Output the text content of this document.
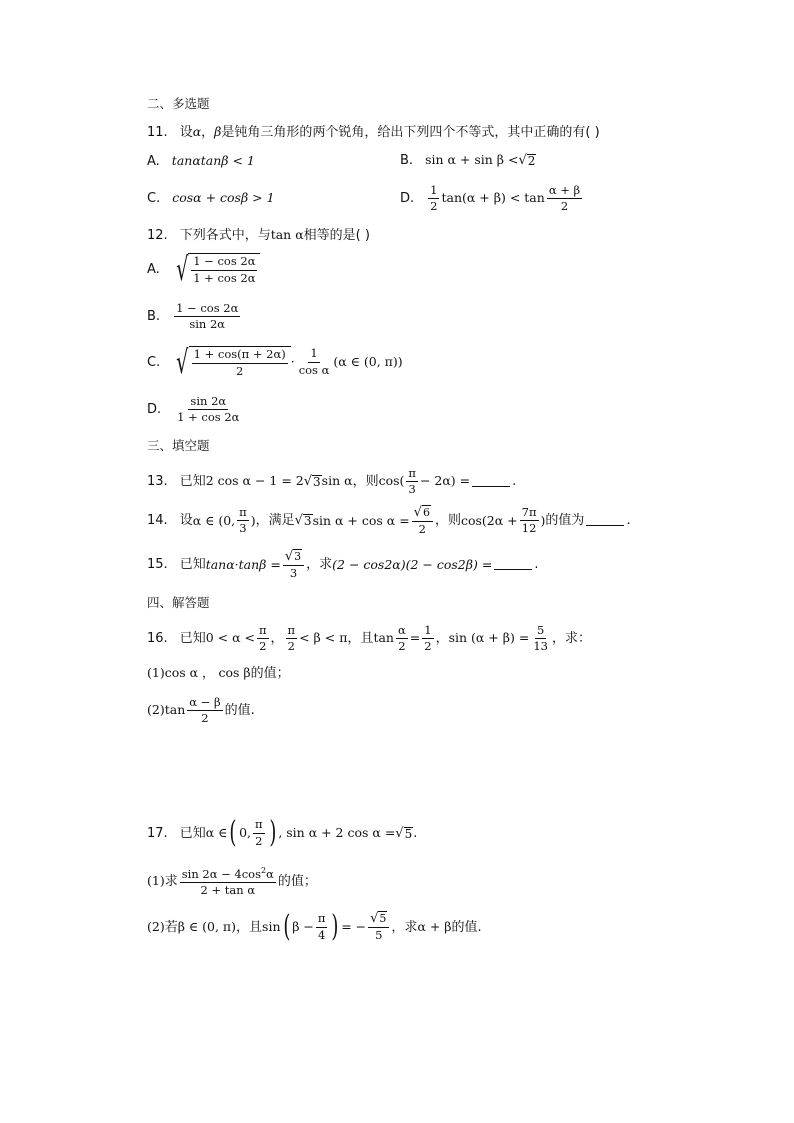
二、多选题
11. 设 α ， β 是钝角三角形的两个锐角，给出下列四个不等式，其中正确的有( )
A. tanαtanβ < 1	B. sin α + sin β < √ 2
C. cosα + cosβ > 1	D.
1
2
tan(α + β) < tan
α + β
2
12. 下列各式中，与 tan α 相等的是( )
A. √ 1 − cos 2α
1 + cos 2α
B.
1 − cos 2α
sin 2α
C. √ 1 + cos(π + 2α)
2
·
1
cos α
(α ∈ (0, π))
D.
sin 2α
1 + cos 2α
三、填空题
13. 已知 2 cos α − 1 = 2 √ 3 sin α ，则 cos(
π
3
− 2α) =	.
14. 设 α ∈ (0,
π
3
) ，满足 √ 3 $\sin \alpha + \cos \alpha = \frac{√6}{2}$ ，则 $\cos(2\alpha + \frac{7\pi}{12}$ ) 的值为	.
15. 已知 $\tan\alpha\cdot\tan\beta = \frac{√3}{3}$ ，求 (2 − cos2α)(2 − cos2β) =	.
四、解答题
16. 已知 0 < α <
π
2 ，
π
2
< β < π ，且 $\tan \frac{\alpha}{2} = \frac{1}{2}$ ， $\sin (\alpha + \beta) = \frac{5}{13}$ ，求：
(1) cos α ， cos β 的值；
(2) tan
α − β
2 的值.
17. 已知 α ∈ ( 0,
π
2 ) , sin α + 2 cos α = √ 5 .
(1) 求
$\sin 2\alpha - 4\cos^2\alpha$
2 + tan α
的值；
(2) 若 β ∈ (0, π) ，且 sin ( $\beta - \frac{\pi}{4}$ ) = − $\frac{√5}{5}$ ，求 α + β 的值.
